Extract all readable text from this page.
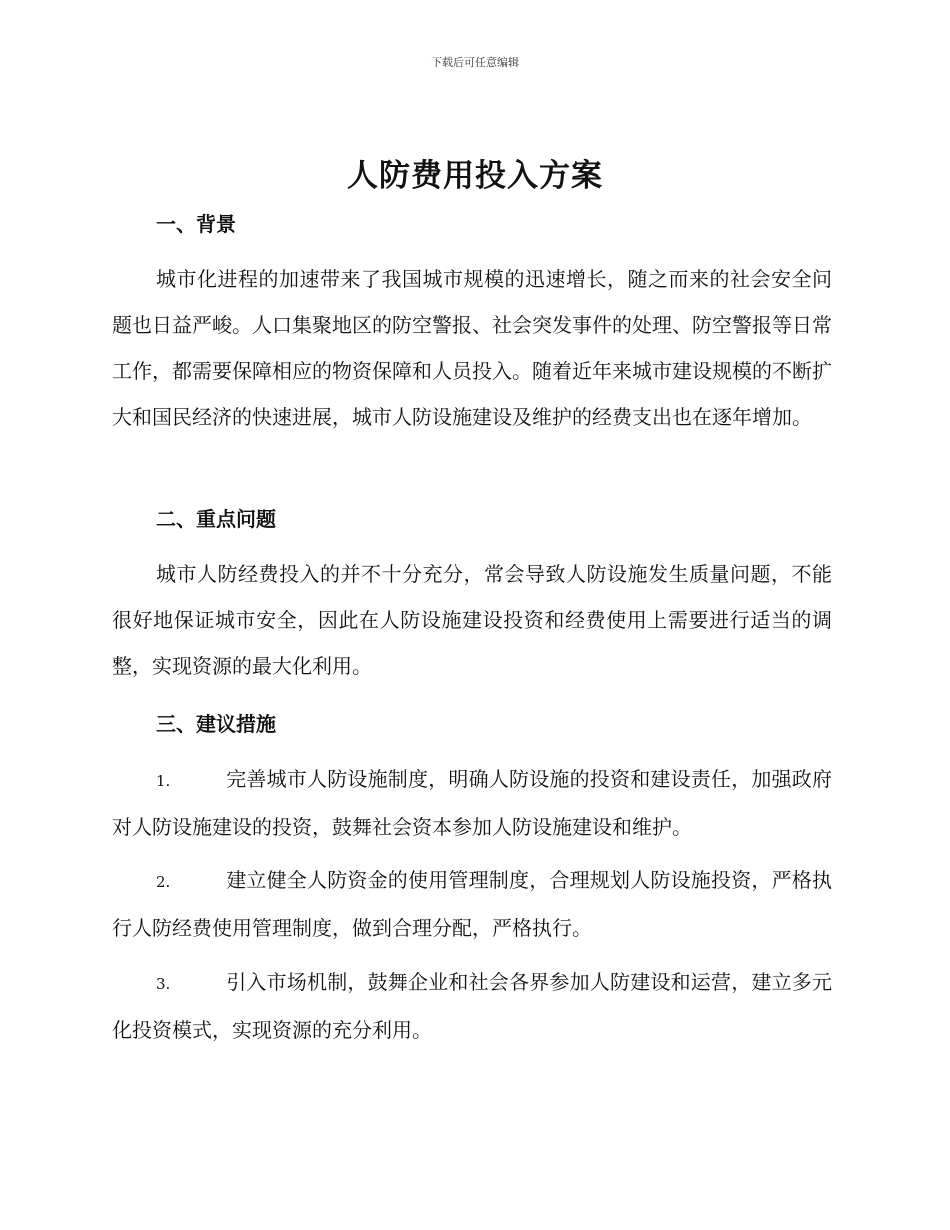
下载后可任意编辑
人防费用投入方案
一、背景
城市化进程的加速带来了我国城市规模的迅速增长，随之而来的社会安全问题也日益严峻。人口集聚地区的防空警报、社会突发事件的处理、防空警报等日常工作，都需要保障相应的物资保障和人员投入。随着近年来城市建设规模的不断扩大和国民经济的快速进展，城市人防设施建设及维护的经费支出也在逐年增加。
二、重点问题
城市人防经费投入的并不十分充分，常会导致人防设施发生质量问题，不能很好地保证城市安全，因此在人防设施建设投资和经费使用上需要进行适当的调整，实现资源的最大化利用。
三、建议措施
1.	完善城市人防设施制度，明确人防设施的投资和建设责任，加强政府对人防设施建设的投资，鼓舞社会资本参加人防设施建设和维护。
2.	建立健全人防资金的使用管理制度，合理规划人防设施投资，严格执行人防经费使用管理制度，做到合理分配，严格执行。
3.	引入市场机制，鼓舞企业和社会各界参加人防建设和运营，建立多元化投资模式，实现资源的充分利用。
